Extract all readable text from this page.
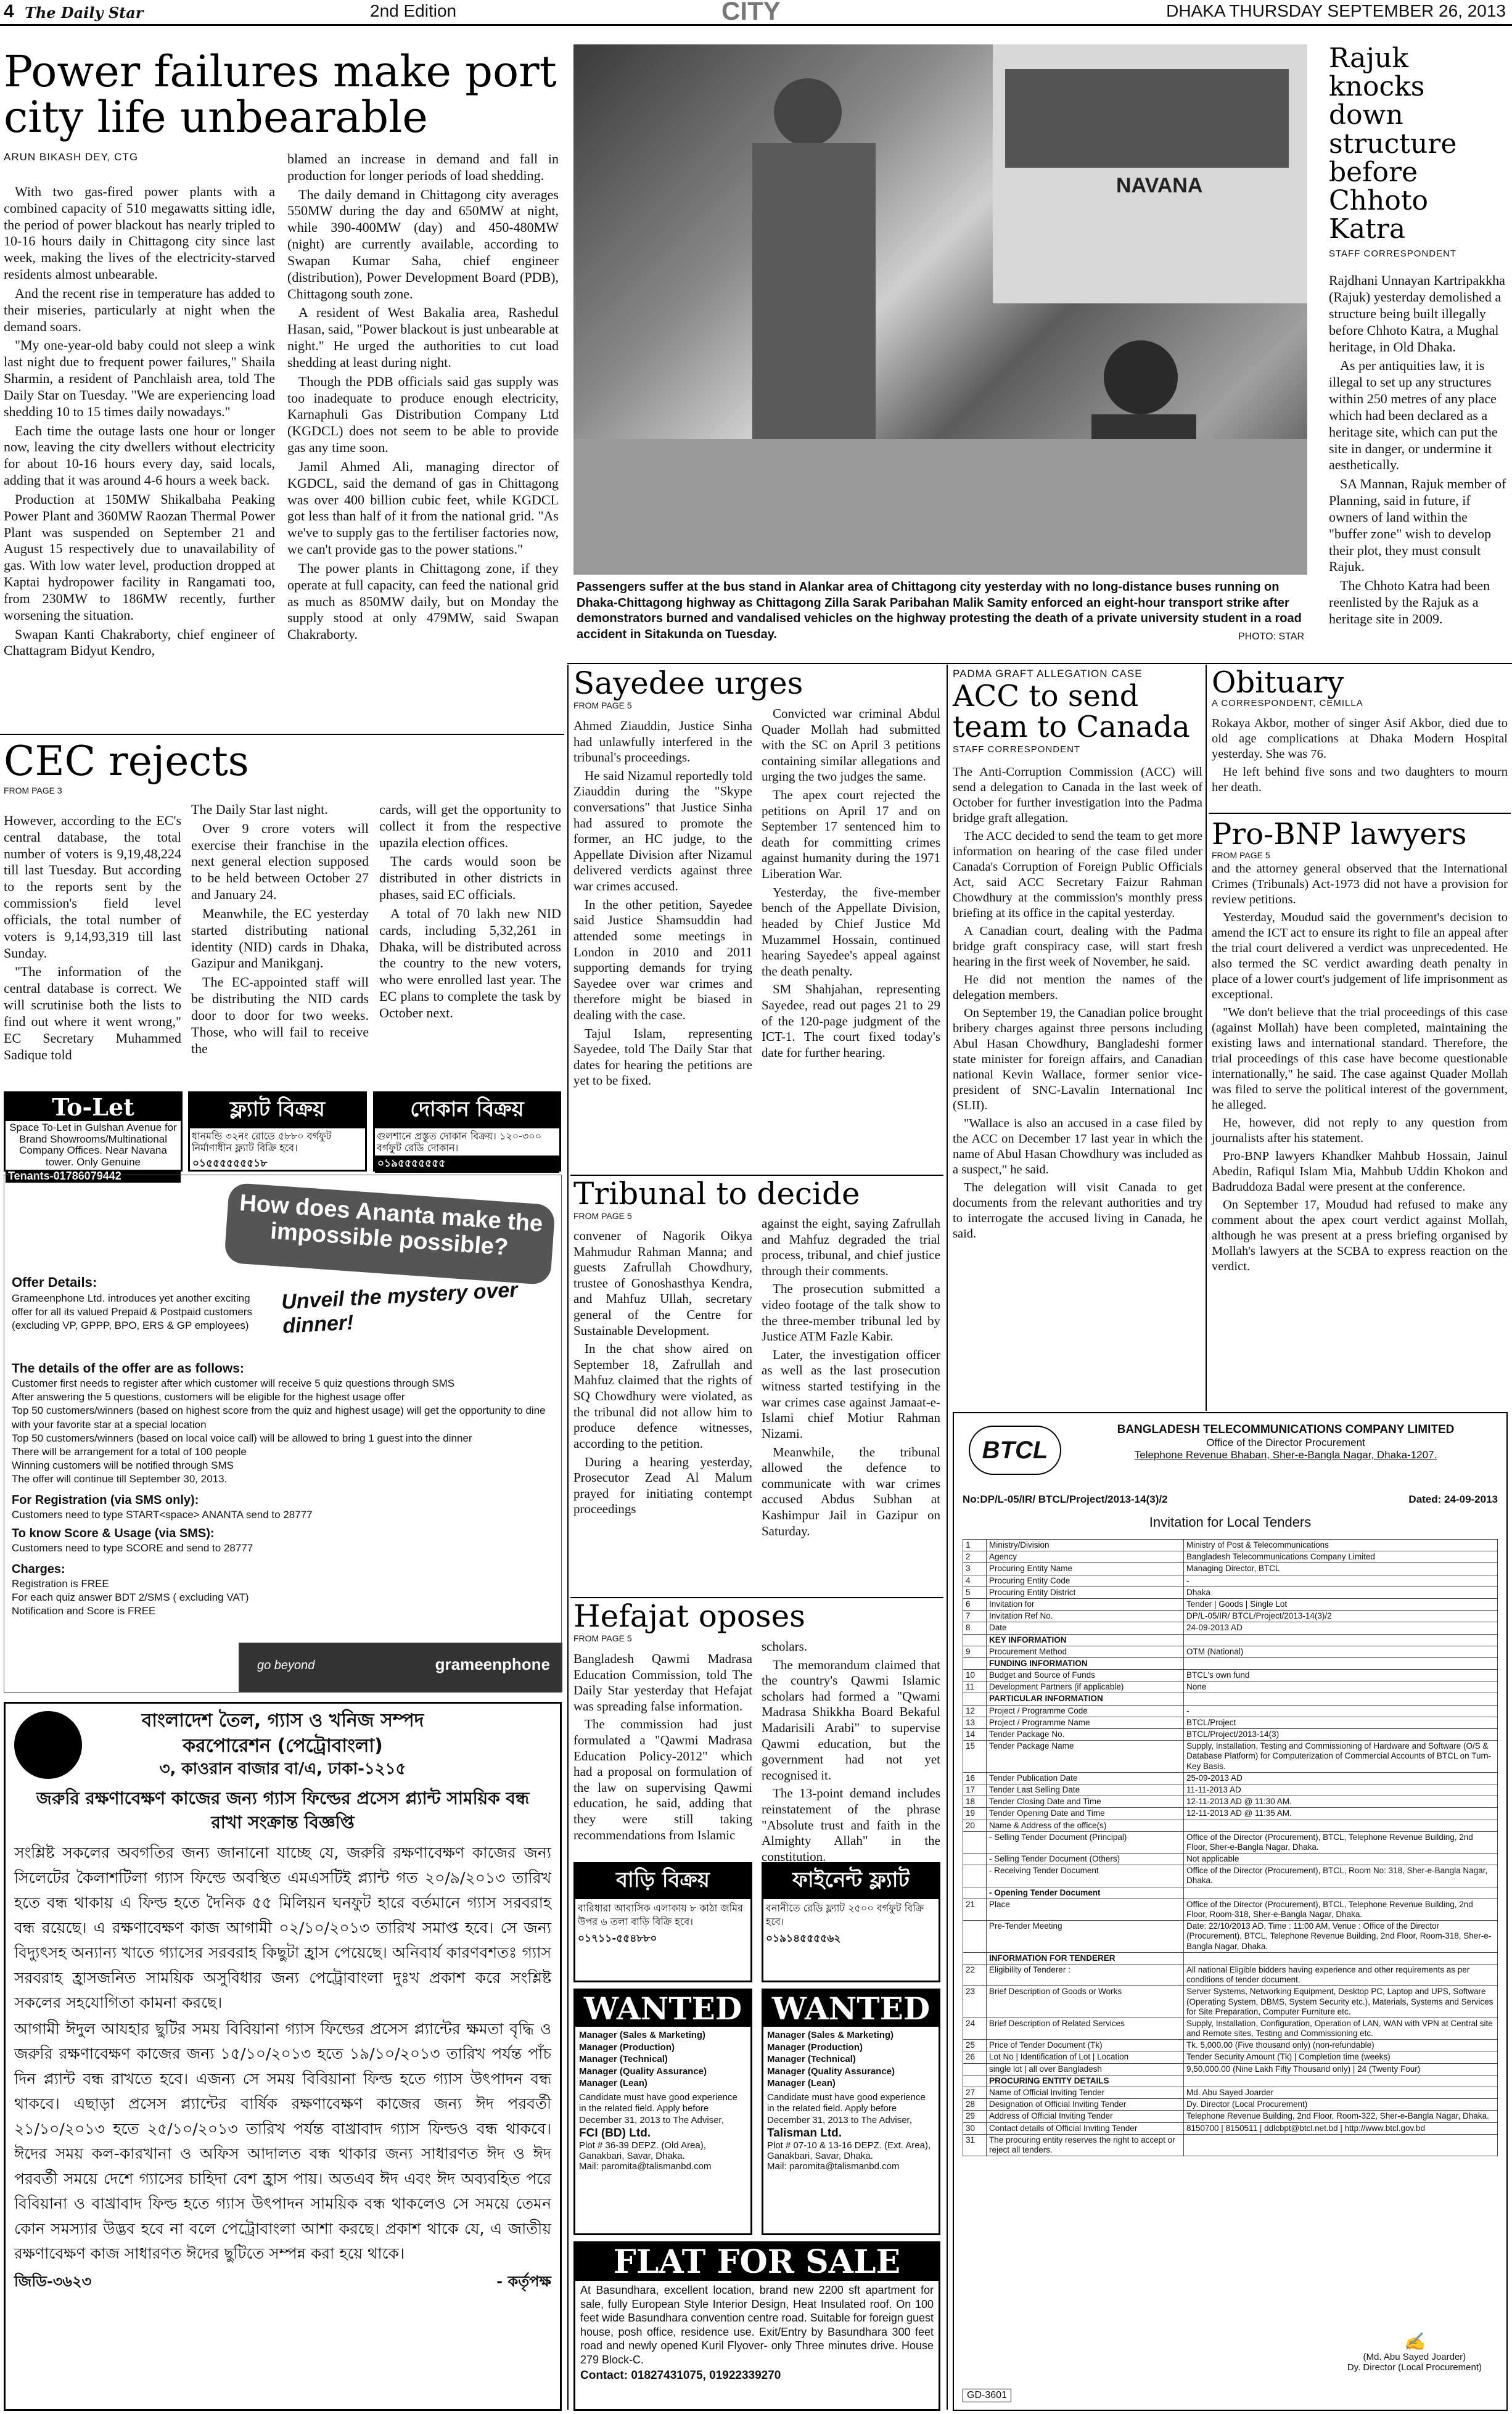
4 The Daily Star	2nd Edition	CITY	DHAKA THURSDAY SEPTEMBER 26, 2013
Power failures make port city life unbearable
ARUN BIKASH DEY, CTG

With two gas-fired power plants with a combined capacity of 510 megawatts sitting idle, the period of power blackout has nearly tripled to 10-16 hours daily in Chittagong city since last week, making the lives of the electricity-starved residents almost unbearable.

And the recent rise in temperature has added to their miseries, particularly at night when the demand soars.

"My one-year-old baby could not sleep a wink last night due to frequent power failures," Shaila Sharmin, a resident of Panchlaish area, told The Daily Star on Tuesday. "We are experiencing load shedding 10 to 15 times daily nowadays."

Each time the outage lasts one hour or longer now, leaving the city dwellers without electricity for about 10-16 hours every day, said locals, adding that it was around 4-6 hours a week back.

Production at 150MW Shikalbaha Peaking Power Plant and 360MW Raozan Thermal Power Plant was suspended on September 21 and August 15 respectively due to unavailability of gas. With low water level, production dropped at Kaptai hydropower facility in Rangamati too, from 230MW to 186MW recently, further worsening the situation.

Swapan Kanti Chakraborty, chief engineer of Chattagram Bidyut Kendro,

blamed an increase in demand and fall in production for longer periods of load shedding.

The daily demand in Chittagong city averages 550MW during the day and 650MW at night, while 390-400MW (day) and 450-480MW (night) are currently available, according to Swapan Kumar Saha, chief engineer (distribution), Power Development Board (PDB), Chittagong south zone.

A resident of West Bakalia area, Rashedul Hasan, said, "Power blackout is just unbearable at night." He urged the authorities to cut load shedding at least during night.

Though the PDB officials said gas supply was too inadequate to produce enough electricity, Karnaphuli Gas Distribution Company Ltd (KGDCL) does not seem to be able to provide gas any time soon.

Jamil Ahmed Ali, managing director of KGDCL, said the demand of gas in Chittagong was over 400 billion cubic feet, while KGDCL got less than half of it from the national grid. "As we've to supply gas to the fertiliser factories now, we can't provide gas to the power stations."

The power plants in Chittagong zone, if they operate at full capacity, can feed the national grid as much as 850MW daily, but on Monday the supply stood at only 479MW, said Swapan Chakraborty.

NAVANA
Passengers suffer at the bus stand in Alankar area of Chittagong city yesterday with no long-distance buses running on Dhaka-Chittagong highway as Chittagong Zilla Sarak Paribahan Malik Samity enforced an eight-hour transport strike after demonstrators burned and vandalised vehicles on the highway protesting the death of a private university student in a road accident in Sitakunda on Tuesday.	PHOTO: STAR
Rajuk knocks down structure before Chhoto Katra
STAFF CORRESPONDENT

Rajdhani Unnayan Kartripakkha (Rajuk) yesterday demolished a structure being built illegally before Chhoto Katra, a Mughal heritage, in Old Dhaka.

As per antiquities law, it is illegal to set up any structures within 250 metres of any place which had been declared as a heritage site, which can put the site in danger, or undermine it aesthetically.

SA Mannan, Rajuk member of Planning, said in future, if owners of land within the "buffer zone" wish to develop their plot, they must consult Rajuk.

The Chhoto Katra had been reenlisted by the Rajuk as a heritage site in 2009.

CEC rejects
FROM PAGE 3

However, according to the EC's central database, the total number of voters is 9,19,48,224 till last Tuesday. But according to the reports sent by the commission's field level officials, the total number of voters is 9,14,93,319 till last Sunday.

"The information of the central database is correct. We will scrutinise both the lists to find out where it went wrong," EC Secretary Muhammed Sadique told

The Daily Star last night.

Over 9 crore voters will exercise their franchise in the next general election supposed to be held between October 27 and January 24.

Meanwhile, the EC yesterday started distributing national identity (NID) cards in Dhaka, Gazipur and Manikganj.

The EC-appointed staff will be distributing the NID cards door to door for two weeks. Those, who will fail to receive the

cards, will get the opportunity to collect it from the respective upazila election offices.

The cards would soon be distributed in other districts in phases, said EC officials.

A total of 70 lakh new NID cards, including 5,32,261 in Dhaka, will be distributed across the country to the new voters, who were enrolled last year. The EC plans to complete the task by October next.

To-Let
Space To-Let in Gulshan Avenue for Brand Showrooms/Multinational Company Offices. Near Navana tower. Only Genuine
Tenants-01786079442
ফ্ল্যাট বিক্রয়
ধানমন্ডি ৩২নং রোডে ৫৮৮০ বর্গফুট নির্মাণাধীন ফ্ল্যাট বিক্রি হবে।
০১৫৫৫৫৫৫৫১৮
দোকান বিক্রয়
গুলশানে প্রস্তুত দোকান বিক্রয়। ১২০-৩০০ বর্গফুট রেডি দোকান।
০১৯৫৫৫৫৫৫৫
How does Ananta make the impossible possible?
Unveil the mystery over dinner!
Offer Details:
Grameenphone Ltd. introduces yet another exciting offer for all its valued Prepaid & Postpaid customers (excluding VP, GPPP, BPO, ERS & GP employees)
The details of the offer are as follows:
Customer first needs to register after which customer will receive 5 quiz questions through SMS
After answering the 5 questions, customers will be eligible for the highest usage offer
Top 50 customers/winners (based on highest score from the quiz and highest usage) will get the opportunity to dine with your favorite star at a special location
Top 50 customers/winners (based on local voice call) will be allowed to bring 1 guest into the dinner
There will be arrangement for a total of 100 people
Winning customers will be notified through SMS
The offer will continue till September 30, 2013.
For Registration (via SMS only):
Customers need to type START<space> ANANTA send to 28777
To know Score & Usage (via SMS):
Customers need to type SCORE and send to 28777
Charges:
Registration is FREE
For each quiz answer BDT 2/SMS ( excluding VAT)
Notification and Score is FREE
go beyond	grameenphone
বাংলাদেশ তৈল, গ্যাস ও খনিজ সম্পদ
করপোরেশন (পেট্রোবাংলা)
৩, কাওরান বাজার বা/এ, ঢাকা-১২১৫
জরুরি রক্ষণাবেক্ষণ কাজের জন্য গ্যাস ফিল্ডের প্রসেস প্ল্যান্ট সাময়িক বন্ধ রাখা সংক্রান্ত বিজ্ঞপ্তি
সংশ্লিষ্ট সকলের অবগতির জন্য জানানো যাচ্ছে যে, জরুরি রক্ষণাবেক্ষণ কাজের জন্য সিলেটের কৈলাশটিলা গ্যাস ফিল্ডে অবস্থিত এমএসটিই প্ল্যান্ট গত ২০/৯/২০১৩ তারিখ হতে বন্ধ থাকায় এ ফিল্ড হতে দৈনিক ৫৫ মিলিয়ন ঘনফুট হারে বর্তমানে গ্যাস সরবরাহ বন্ধ রয়েছে। এ রক্ষণাবেক্ষণ কাজ আগামী ০২/১০/২০১৩ তারিখ সমাপ্ত হবে। সে জন্য বিদ্যুৎসহ অন্যান্য খাতে গ্যাসের সরবরাহ কিছুটা হ্রাস পেয়েছে। অনিবার্য কারণবশতঃ গ্যাস সরবরাহ হ্রাসজনিত সাময়িক অসুবিধার জন্য পেট্রোবাংলা দুঃখ প্রকাশ করে সংশ্লিষ্ট সকলের সহযোগিতা কামনা করছে।
আগামী ঈদুল আযহার ছুটির সময় বিবিয়ানা গ্যাস ফিল্ডের প্রসেস প্ল্যান্টের ক্ষমতা বৃদ্ধি ও জরুরি রক্ষণাবেক্ষণ কাজের জন্য ১৫/১০/২০১৩ হতে ১৯/১০/২০১৩ তারিখ পর্যন্ত পাঁচ দিন প্ল্যান্ট বন্ধ রাখতে হবে। এজন্য সে সময় বিবিয়ানা ফিল্ড হতে গ্যাস উৎপাদন বন্ধ থাকবে। এছাড়া প্রসেস প্ল্যান্টের বার্ষিক রক্ষণাবেক্ষণ কাজের জন্য ঈদ পরবর্তী ২১/১০/২০১৩ হতে ২৫/১০/২০১৩ তারিখ পর্যন্ত বাখ্রাবাদ গ্যাস ফিল্ডও বন্ধ থাকবে। ঈদের সময় কল-কারখানা ও অফিস আদালত বন্ধ থাকার জন্য সাধারণত ঈদ ও ঈদ পরবর্তী সময়ে দেশে গ্যাসের চাহিদা বেশ হ্রাস পায়। অতএব ঈদ এবং ঈদ অব্যবহিত পরে বিবিয়ানা ও বাখ্রাবাদ ফিল্ড হতে গ্যাস উৎপাদন সাময়িক বন্ধ থাকলেও সে সময়ে তেমন কোন সমস্যার উদ্ভব হবে না বলে পেট্রোবাংলা আশা করছে। প্রকাশ থাকে যে, এ জাতীয় রক্ষণাবেক্ষণ কাজ সাধারণত ঈদের ছুটিতে সম্পন্ন করা হয়ে থাকে।
জিডি-৩৬২৩	- কর্তৃপক্ষ
Sayedee urges
FROM PAGE 5

Ahmed Ziauddin, Justice Sinha had unlawfully interfered in the tribunal's proceedings.

He said Nizamul reportedly told Ziauddin during the "Skype conversations" that Justice Sinha had assured to promote the former, an HC judge, to the Appellate Division after Nizamul delivered verdicts against three war crimes accused.

In the other petition, Sayedee said Justice Shamsuddin had attended some meetings in London in 2010 and 2011 supporting demands for trying Sayedee over war crimes and therefore might be biased in dealing with the case.

Tajul Islam, representing Sayedee, told The Daily Star that dates for hearing the petitions are yet to be fixed.

Convicted war criminal Abdul Quader Mollah had submitted with the SC on April 3 petitions containing similar allegations and urging the two judges the same.

The apex court rejected the petitions on April 17 and on September 17 sentenced him to death for committing crimes against humanity during the 1971 Liberation War.

Yesterday, the five-member bench of the Appellate Division, headed by Chief Justice Md Muzammel Hossain, continued hearing Sayedee's appeal against the death penalty.

SM Shahjahan, representing Sayedee, read out pages 21 to 29 of the 120-page judgment of the ICT-1. The court fixed today's date for further hearing.

Tribunal to decide
FROM PAGE 5

convener of Nagorik Oikya Mahmudur Rahman Manna; and guests Zafrullah Chowdhury, trustee of Gonoshasthya Kendra, and Mahfuz Ullah, secretary general of the Centre for Sustainable Development.

In the chat show aired on September 18, Zafrullah and Mahfuz claimed that the rights of SQ Chowdhury were violated, as the tribunal did not allow him to produce defence witnesses, according to the petition.

During a hearing yesterday, Prosecutor Zead Al Malum prayed for initiating contempt proceedings

against the eight, saying Zafrullah and Mahfuz degraded the trial process, tribunal, and chief justice through their comments.

The prosecution submitted a video footage of the talk show to the three-member tribunal led by Justice ATM Fazle Kabir.

Later, the investigation officer as well as the last prosecution witness started testifying in the war crimes case against Jamaat-e-Islami chief Motiur Rahman Nizami.

Meanwhile, the tribunal allowed the defence to communicate with war crimes accused Abdus Subhan at Kashimpur Jail in Gazipur on Saturday.

Hefajat oposes
FROM PAGE 5

Bangladesh Qawmi Madrasa Education Commission, told The Daily Star yesterday that Hefajat was spreading false information.

The commission had just formulated a "Qawmi Madrasa Education Policy-2012" which had a proposal on formulation of the law on supervising Qawmi education, he said, adding that they were still taking recommendations from Islamic

scholars.

The memorandum claimed that the country's Qawmi Islamic scholars had formed a "Qwami Madrasa Shikkha Board Bekaful Madarisili Arabi" to supervise Qawmi education, but the government had not yet recognised it.

The 13-point demand includes reinstatement of the phrase "Absolute trust and faith in the Almighty Allah" in the constitution.

বাড়ি বিক্রয়
বারিধারা আবাসিক এলাকায় ৮ কাঠা জমির উপর ৬ তলা বাড়ি বিক্রি হবে।
০১৭১১-৫৫৪৮৮০
ফাইনেন্ট ফ্ল্যাট
বনানীতে রেডি ফ্ল্যাট ২৫০০ বর্গফুট বিক্রি হবে।
০১৯১৪৫৫৫৫৬২
WANTED
Manager (Sales & Marketing)
Manager (Production)
Manager (Technical)
Manager (Quality Assurance)
Manager (Lean)
Candidate must have good experience in the related field. Apply before December 31, 2013 to The Adviser,
FCI (BD) Ltd.
Plot # 36-39 DEPZ. (Old Area), Ganakbari, Savar, Dhaka.
Mail: paromita@talismanbd.com
WANTED
Manager (Sales & Marketing)
Manager (Production)
Manager (Technical)
Manager (Quality Assurance)
Manager (Lean)
Candidate must have good experience in the related field. Apply before December 31, 2013 to The Adviser,
Talisman Ltd.
Plot # 07-10 & 13-16 DEPZ. (Ext. Area), Ganakbari, Savar, Dhaka.
Mail: paromita@talismanbd.com
FLAT FOR SALE
At Basundhara, excellent location, brand new 2200 sft apartment for sale, fully European Style Interior Design, Heat Insulated roof. On 100 feet wide Basundhara convention centre road. Suitable for foreign guest house, posh office, residence use. Exit/Entry by Basundhara 300 feet road and newly opened Kuril Flyover- only Three minutes drive. House 279 Block-C.
Contact: 01827431075, 01922339270
PADMA GRAFT ALLEGATION CASE
ACC to send team to Canada
STAFF CORRESPONDENT

The Anti-Corruption Commission (ACC) will send a delegation to Canada in the last week of October for further investigation into the Padma bridge graft allegation.

The ACC decided to send the team to get more information on hearing of the case filed under Canada's Corruption of Foreign Public Officials Act, said ACC Secretary Faizur Rahman Chowdhury at the commission's monthly press briefing at its office in the capital yesterday.

A Canadian court, dealing with the Padma bridge graft conspiracy case, will start fresh hearing in the first week of November, he said.

He did not mention the names of the delegation members.

On September 19, the Canadian police brought bribery charges against three persons including Abul Hasan Chowdhury, Bangladeshi former state minister for foreign affairs, and Canadian national Kevin Wallace, former senior vice-president of SNC-Lavalin International Inc (SLII).

"Wallace is also an accused in a case filed by the ACC on December 17 last year in which the name of Abul Hasan Chowdhury was included as a suspect," he said.

The delegation will visit Canada to get documents from the relevant authorities and try to interrogate the accused living in Canada, he said.

Obituary
A CORRESPONDENT, CEMILLA

Rokaya Akbor, mother of singer Asif Akbor, died due to old age complications at Dhaka Modern Hospital yesterday. She was 76.

He left behind five sons and two daughters to mourn her death.

Pro-BNP lawyers
FROM PAGE 5

and the attorney general observed that the International Crimes (Tribunals) Act-1973 did not have a provision for review petitions.

Yesterday, Moudud said the government's decision to amend the ICT act to ensure its right to file an appeal after the trial court delivered a verdict was unprecedented. He also termed the SC verdict awarding death penalty in place of a lower court's judgement of life imprisonment as exceptional.

"We don't believe that the trial proceedings of this case (against Mollah) have been completed, maintaining the existing laws and international standard. Therefore, the trial proceedings of this case have become questionable internationally," he said. The case against Quader Mollah was filed to serve the political interest of the government, he alleged.

He, however, did not reply to any question from journalists after his statement.

Pro-BNP lawyers Khandker Mahbub Hossain, Jainul Abedin, Rafiqul Islam Mia, Mahbub Uddin Khokon and Badruddoza Badal were present at the conference.

On September 17, Moudud had refused to make any comment about the apex court verdict against Mollah, although he was present at a press briefing organised by Mollah's lawyers at the SCBA to express reaction on the verdict.

BTCL
BANGLADESH TELECOMMUNICATIONS COMPANY LIMITED
Office of the Director Procurement
Telephone Revenue Bhaban, Sher-e-Bangla Nagar, Dhaka-1207.
No:DP/L-05/IR/ BTCL/Project/2013-14(3)/2	Dated: 24-09-2013
Invitation for Local Tenders
1	Ministry/Division	Ministry of Post & Telecommunications
2	Agency	Bangladesh Telecommunications Company Limited
3	Procuring Entity Name	Managing Director, BTCL
4	Procuring Entity Code	-
5	Procuring Entity District	Dhaka
6	Invitation for	Tender | Goods | Single Lot
7	Invitation Ref No.	DP/L-05/IR/ BTCL/Project/2013-14(3)/2
8	Date	24-09-2013 AD
	KEY INFORMATION	
9	Procurement Method	OTM (National)
	FUNDING INFORMATION	
10	Budget and Source of Funds	BTCL's own fund
11	Development Partners (if applicable)	None
	PARTICULAR INFORMATION	
12	Project / Programme Code	-
13	Project / Programme Name	BTCL/Project
14	Tender Package No.	BTCL/Project/2013-14(3)
15	Tender Package Name	Supply, Installation, Testing and Commissioning of Hardware and Software (O/S & Database Platform) for Computerization of Commercial Accounts of BTCL on Turn-Key Basis.
16	Tender Publication Date	25-09-2013 AD
17	Tender Last Selling Date	11-11-2013 AD
18	Tender Closing Date and Time	12-11-2013 AD @ 11:30 AM.
19	Tender Opening Date and Time	12-11-2013 AD @ 11:35 AM.
20	Name & Address of the office(s)	
	- Selling Tender Document (Principal)	Office of the Director (Procurement), BTCL, Telephone Revenue Building, 2nd Floor, Sher-e-Bangla Nagar, Dhaka.
	- Selling Tender Document (Others)	Not applicable
	- Receiving Tender Document	Office of the Director (Procurement), BTCL, Room No: 318, Sher-e-Bangla Nagar, Dhaka.
	- Opening Tender Document	
21	Place	Office of the Director (Procurement), BTCL, Telephone Revenue Building, 2nd Floor, Room-318, Sher-e-Bangla Nagar, Dhaka.
	Pre-Tender Meeting	Date: 22/10/2013 AD, Time : 11:00 AM, Venue : Office of the Director (Procurement), BTCL, Telephone Revenue Building, 2nd Floor, Room-318, Sher-e-Bangla Nagar, Dhaka.
	INFORMATION FOR TENDERER	
22	Eligibility of Tenderer :	All national Eligible bidders having experience and other requirements as per conditions of tender document.
23	Brief Description of Goods or Works	Server Systems, Networking Equipment, Desktop PC, Laptop and UPS, Software (Operating System, DBMS, System Security etc.), Materials, Systems and Services for Site Preparation, Computer Furniture etc.
24	Brief Description of Related Services	Supply, Installation, Configuration, Operation of LAN, WAN with VPN at Central site and Remote sites, Testing and Commissioning etc.
25	Price of Tender Document (Tk)	Tk. 5,000.00 (Five thousand only) (non-refundable)
26	Lot No | Identification of Lot | Location	Tender Security Amount (Tk) | Completion time (weeks)
	single lot | all over Bangladesh	9,50,000.00 (Nine Lakh Fifty Thousand only) | 24 (Twenty Four)
	PROCURING ENTITY DETAILS	
27	Name of Official Inviting Tender	Md. Abu Sayed Joarder
28	Designation of Official Inviting Tender	Dy. Director (Local Procurement)
29	Address of Official Inviting Tender	Telephone Revenue Building, 2nd Floor, Room-322, Sher-e-Bangla Nagar, Dhaka.
30	Contact details of Official Inviting Tender	8150700 | 8150511 | ddlcbpt@btcl.net.bd | http://www.btcl.gov.bd
31	The procuring entity reserves the right to accept or reject all tenders.	
✍
(Md. Abu Sayed Joarder)
Dy. Director (Local Procurement)
GD-3601
